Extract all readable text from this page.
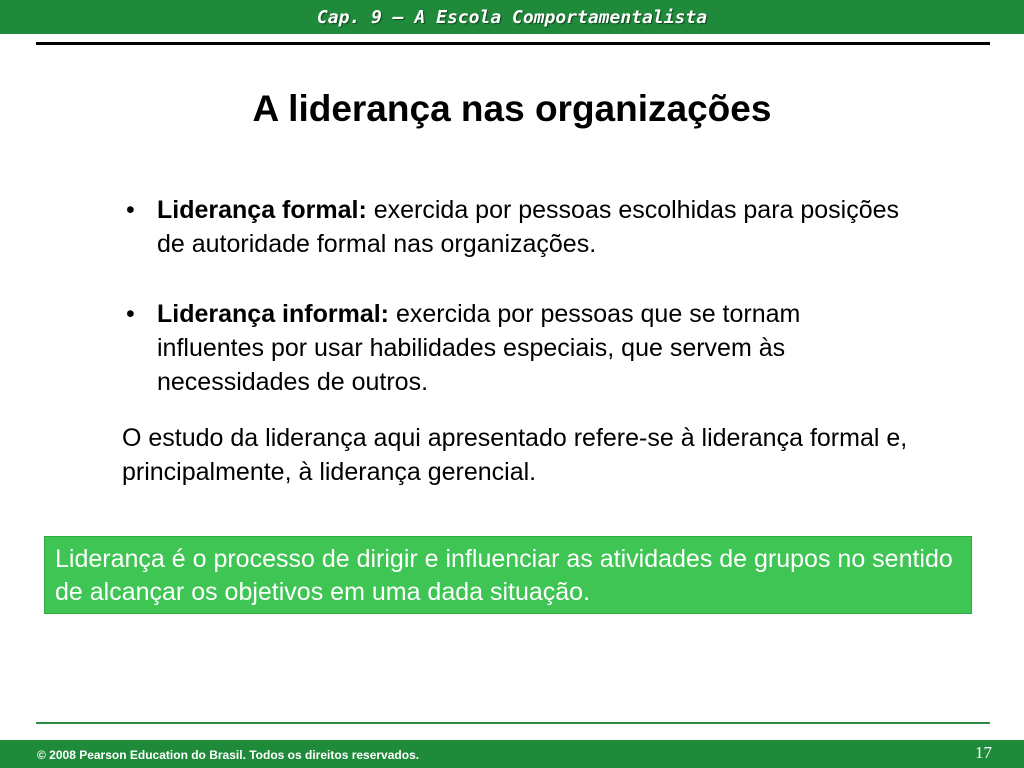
Cap. 9 – A Escola Comportamentalista
A liderança nas organizações
• Liderança formal: exercida por pessoas escolhidas para posições de autoridade formal nas organizações.
• Liderança informal: exercida por pessoas que se tornam influentes por usar habilidades especiais, que servem às necessidades de outros.

O estudo da liderança aqui apresentado refere-se à liderança formal e, principalmente, à liderança gerencial.

Liderança é o processo de dirigir e influenciar as atividades de grupos no sentido de alcançar os objetivos em uma dada situação.

© 2008 Pearson Education do Brasil. Todos os direitos reservados.	17
